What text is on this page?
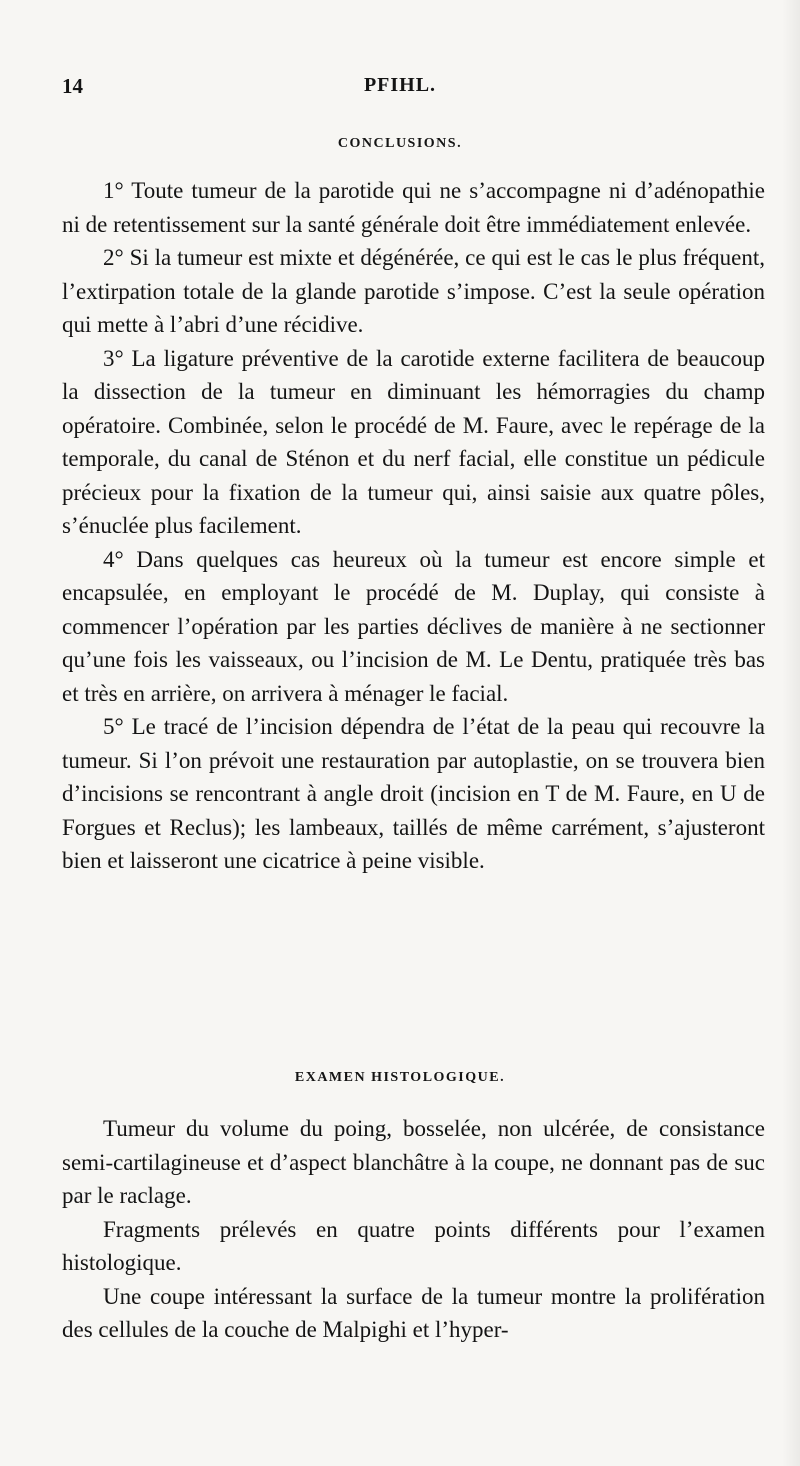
14	PFIHL.
CONCLUSIONS.

1° Toute tumeur de la parotide qui ne s’accompagne ni d’adénopathie ni de retentissement sur la santé générale doit être immédiatement enlevée.

2° Si la tumeur est mixte et dégénérée, ce qui est le cas le plus fréquent, l’extirpation totale de la glande parotide s’impose. C’est la seule opération qui mette à l’abri d’une récidive.

3° La ligature préventive de la carotide externe facilitera de beaucoup la dissection de la tumeur en diminuant les hémorragies du champ opératoire. Combinée, selon le procédé de M. Faure, avec le repérage de la temporale, du canal de Sténon et du nerf facial, elle constitue un pédicule précieux pour la fixation de la tumeur qui, ainsi saisie aux quatre pôles, s’énuclée plus facilement.

4° Dans quelques cas heureux où la tumeur est encore simple et encapsulée, en employant le procédé de M. Duplay, qui consiste à commencer l’opération par les parties déclives de manière à ne sectionner qu’une fois les vaisseaux, ou l’incision de M. Le Dentu, pratiquée très bas et très en arrière, on arrivera à ménager le facial.

5° Le tracé de l’incision dépendra de l’état de la peau qui recouvre la tumeur. Si l’on prévoit une restauration par autoplastie, on se trouvera bien d’incisions se rencontrant à angle droit (incision en T de M. Faure, en U de Forgues et Reclus); les lambeaux, taillés de même carrément, s’ajusteront bien et laisseront une cicatrice à peine visible.

EXAMEN HISTOLOGIQUE.

Tumeur du volume du poing, bosselée, non ulcérée, de consistance semi-cartilagineuse et d’aspect blanchâtre à la coupe, ne donnant pas de suc par le raclage.

Fragments prélevés en quatre points différents pour l’examen histologique.

Une coupe intéressant la surface de la tumeur montre la prolifération des cellules de la couche de Malpighi et l’hyper-
